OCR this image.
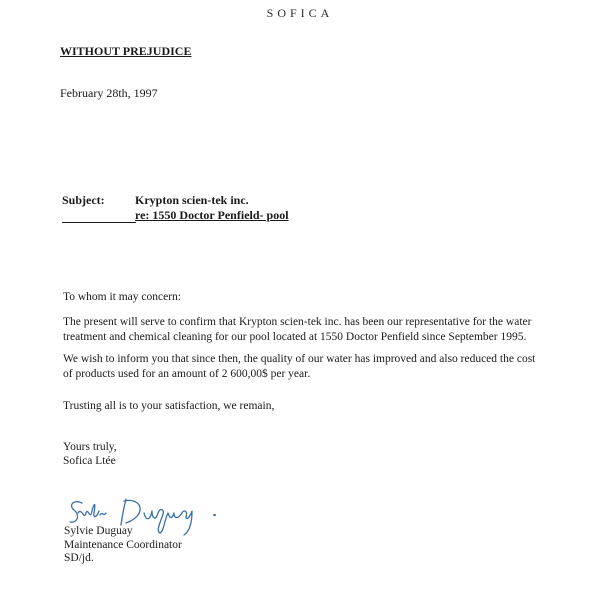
SOFICA
WITHOUT PREJUDICE
February 28th, 1997
Subject:	Krypton scien-tek inc.
re: 1550 Doctor Penfield- pool
To whom it may concern:
The present will serve to confirm that Krypton scien-tek inc. has been our representative for the water treatment and chemical cleaning for our pool located at 1550 Doctor Penfield since September 1995.
We wish to inform you that since then, the quality of our water has improved and also reduced the cost of products used for an amount of 2 600,00$ per year.
Trusting all is to your satisfaction, we remain,
Yours truly,
Sofica Ltée
Sylvie Duguay
Maintenance Coordinator
SD/jd.
